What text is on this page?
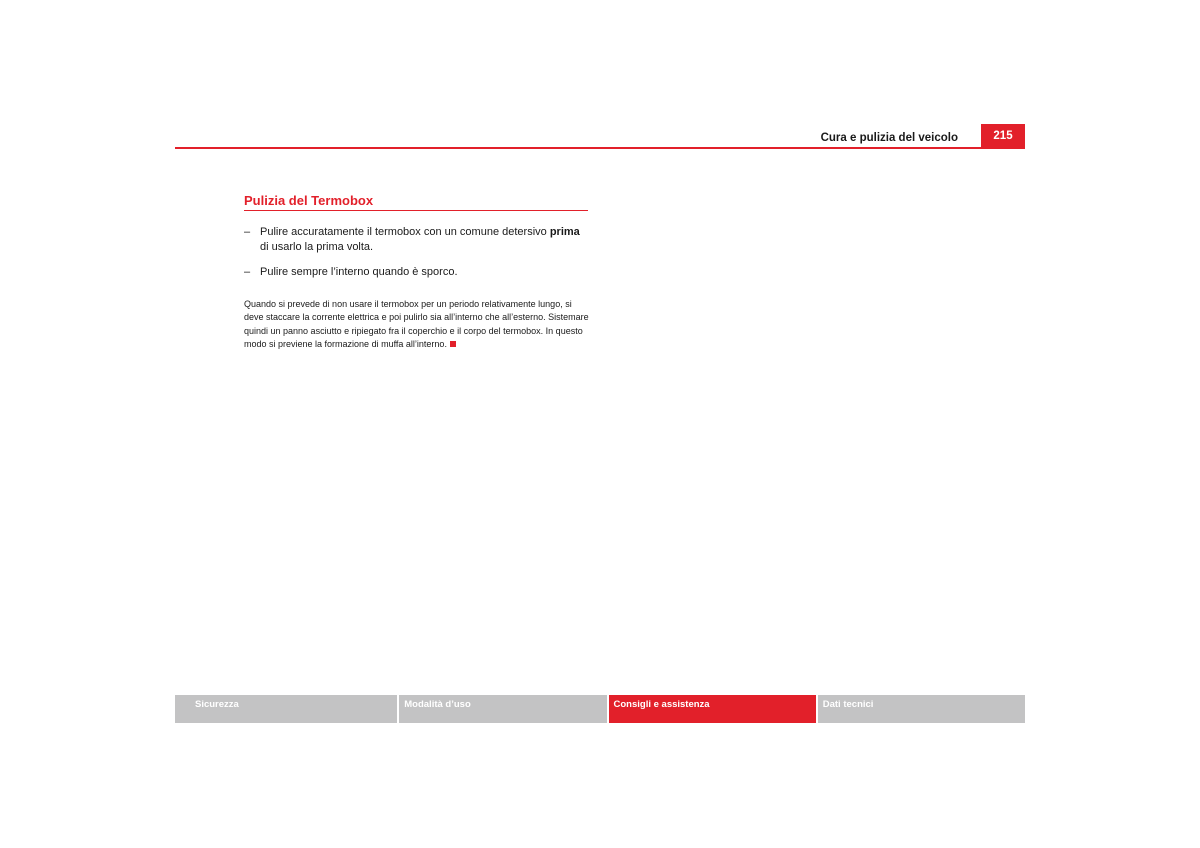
Cura e pulizia del veicolo	215
Pulizia del Termobox
– Pulire accuratamente il termobox con un comune detersivo prima di usarlo la prima volta.
– Pulire sempre l’interno quando è sporco.
Quando si prevede di non usare il termobox per un periodo relativamente lungo, si deve staccare la corrente elettrica e poi pulirlo sia all’interno che all’esterno. Sistemare quindi un panno asciutto e ripiegato fra il coperchio e il corpo del termobox. In questo modo si previene la formazione di muffa all’interno.
Sicurezza	Modalità d’uso	Consigli e assistenza	Dati tecnici
